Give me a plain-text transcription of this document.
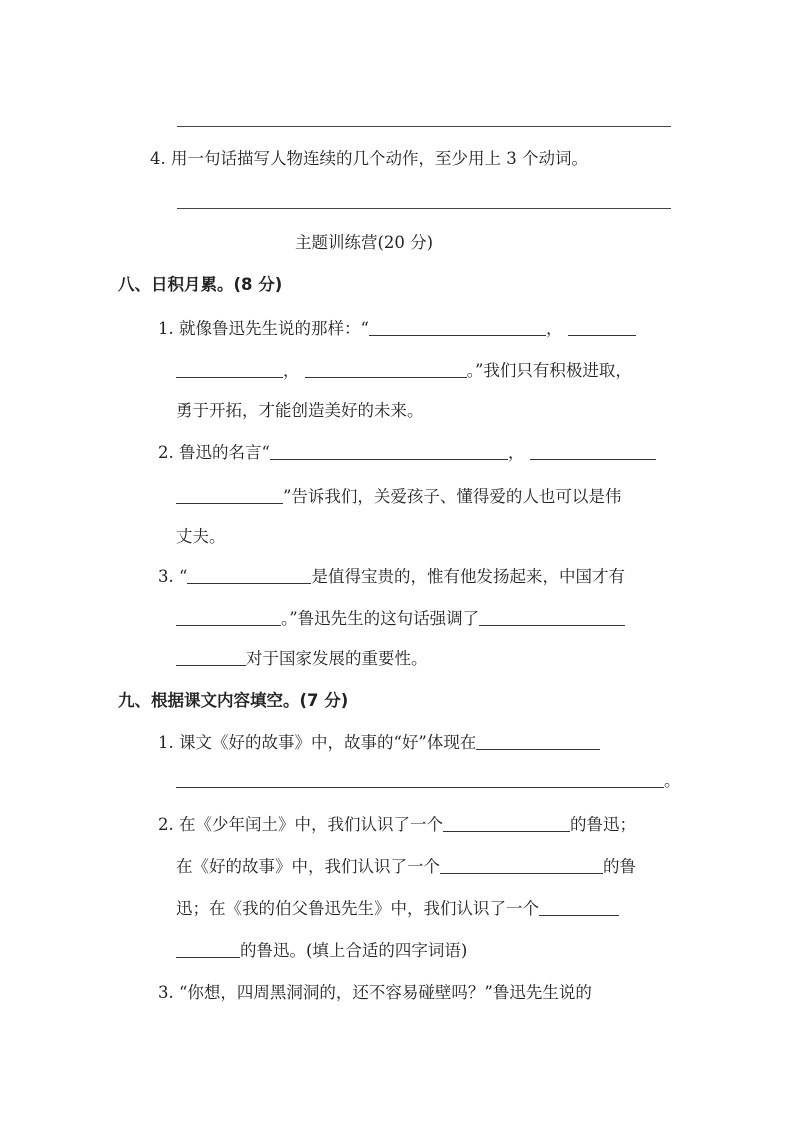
4. 用一句话描写人物连续的几个动作，至少用上 3 个动词。
主题训练营(20 分)
八、日积月累。(8 分)
1. 就像鲁迅先生说的那样：“	，
，	。”我们只有积极进取，
勇于开拓，才能创造美好的未来。
2. 鲁迅的名言“	，
”告诉我们，关爱孩子、懂得爱的人也可以是伟
丈夫。
3. “	是值得宝贵的，惟有他发扬起来，中国才有
。”鲁迅先生的这句话强调了
对于国家发展的重要性。
九、根据课文内容填空。(7 分)
1. 课文《好的故事》中，故事的“好”体现在
。
2. 在《少年闰土》中，我们认识了一个	的鲁迅；
在《好的故事》中，我们认识了一个	的鲁
迅；在《我的伯父鲁迅先生》中，我们认识了一个
的鲁迅。(填上合适的四字词语)
3. “你想，四周黑洞洞的，还不容易碰壁吗？”鲁迅先生说的
